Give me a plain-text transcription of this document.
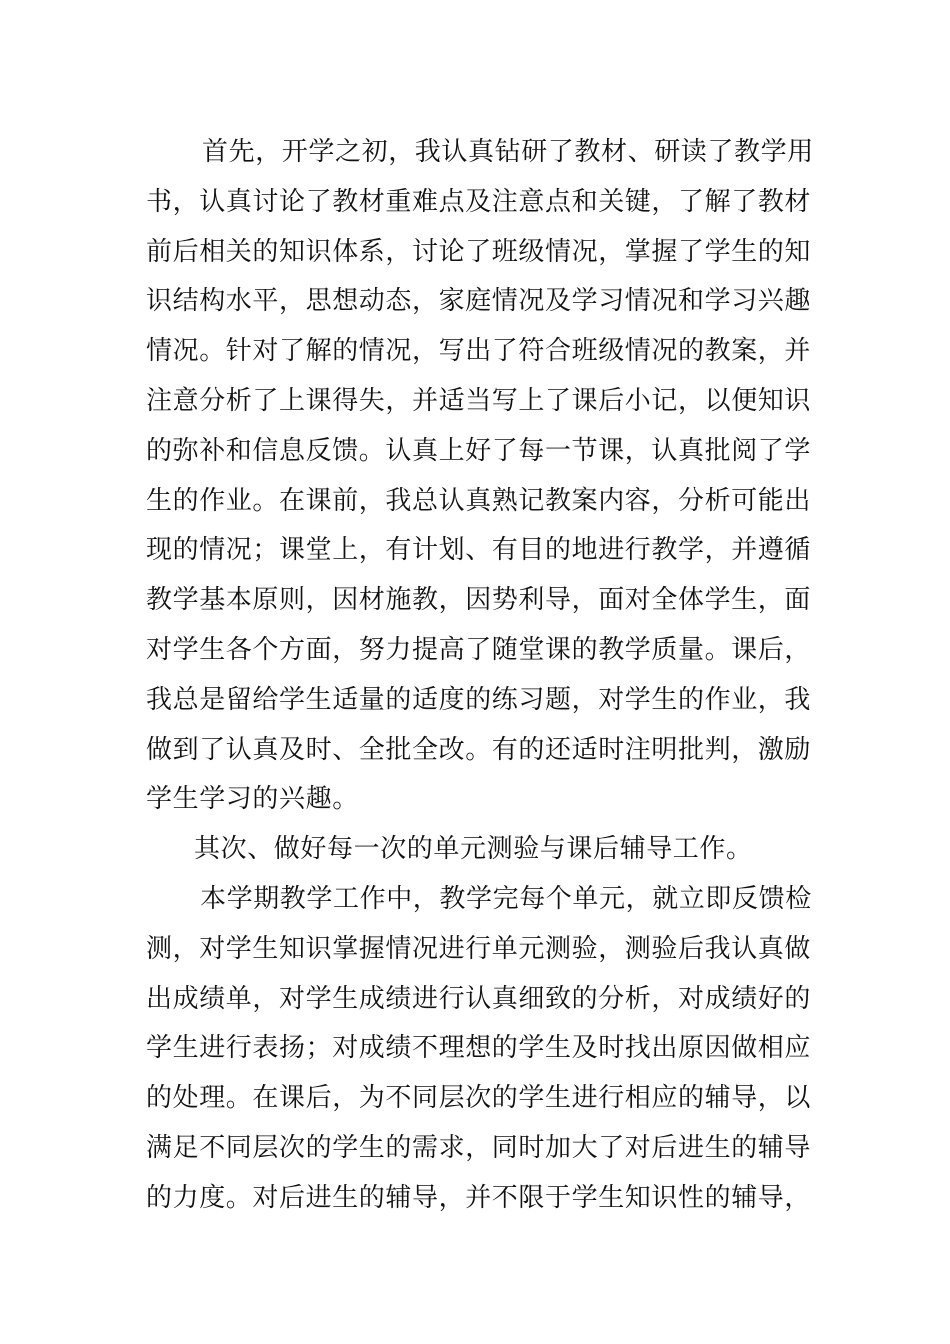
首先，开学之初，我认真钻研了教材、研读了教学用
书，认真讨论了教材重难点及注意点和关键，了解了教材
前后相关的知识体系，讨论了班级情况，掌握了学生的知
识结构水平，思想动态，家庭情况及学习情况和学习兴趣
情况。针对了解的情况，写出了符合班级情况的教案，并
注意分析了上课得失，并适当写上了课后小记，以便知识
的弥补和信息反馈。认真上好了每一节课，认真批阅了学
生的作业。在课前，我总认真熟记教案内容，分析可能出
现的情况；课堂上，有计划、有目的地进行教学，并遵循
教学基本原则，因材施教，因势利导，面对全体学生，面
对学生各个方面，努力提高了随堂课的教学质量。课后，
我总是留给学生适量的适度的练习题，对学生的作业，我
做到了认真及时、全批全改。有的还适时注明批判，激励
学生学习的兴趣。
其次、做好每一次的单元测验与课后辅导工作。
本学期教学工作中，教学完每个单元，就立即反馈检
测，对学生知识掌握情况进行单元测验，测验后我认真做
出成绩单，对学生成绩进行认真细致的分析，对成绩好的
学生进行表扬；对成绩不理想的学生及时找出原因做相应
的处理。在课后，为不同层次的学生进行相应的辅导，以
满足不同层次的学生的需求，同时加大了对后进生的辅导
的力度。对后进生的辅导，并不限于学生知识性的辅导，
